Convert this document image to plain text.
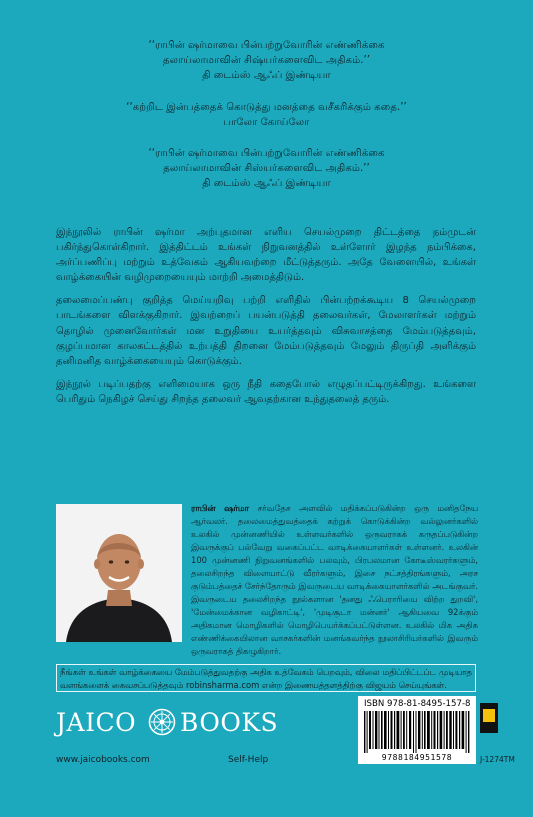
‘‘ராபின் ஷர்மாவை பின்பற்றுவோரின் எண்ணிக்கை
தலாய்லாமாவின் சிஷ்யர்களைவிட அதிகம்.’’
தி டைம்ஸ் ஆஃப் இண்டியா
‘‘கற்றிட இன்பத்தைக் கொடுத்து மனத்தை வசீகரிக்கும் கதை.’’
பாலோ கோய்லோ
‘‘ராபின் ஷர்மாவை பின்பற்றுவோரின் எண்ணிக்கை
தலாய்லாமாவின் சிஸ்யர்களைவிட அதிகம்.’’
தி டைம்ஸ் ஆஃப் இண்டியா

இந்நூலில் ராபின் ஷர்மா அற்புதமான எளிய செயல்முறை திட்டத்தை நம்முடன் பகிர்ந்துகொள்கிறார். இத்திட்டம் உங்கள் நிறுவனத்தில் உள்ளோர் இழந்த நம்பிக்கை, அர்ப்பணிப்பு மற்றும் உத்வேகம் ஆகியவற்றை மீட்டுத்தரும். அதே வேளையில், உங்கள் வாழ்க்கையின் வழிமுறையையும் மாற்றி அமைத்திடும்.

தலைமைப்பண்பு குறித்த மெய்யறிவு பற்றி எளிதில் பின்பற்றக்கூடிய 8 செயல்முறை பாடங்களை விளக்குகிறார். இவற்றைப் பயன்படுத்தி தலைவர்கள், மேலாளர்கள் மற்றும் தொழில் முனைவோர்கள் மன உறுதியை உயர்த்தவும் விசுவாசத்தை மேம்படுத்தவும், குழப்பமான காலகட்டத்தில் உற்பத்தி திறனை மேம்படுத்தவும் மேலும் திருப்தி அளிக்கும் தனிமனித வாழ்க்கையையும் கொடுக்கும்.

இந்நூல் படிப்பதற்கு எளிமையாக ஒரு நீதி கதைபோல் எழுதப்பட்டிருக்கிறது. உங்களை பெரிதும் நெகிழச் செய்து சிறந்த தலைவர் ஆவதற்கான உந்துதலைத் தரும்.

ராபின் ஷர்மா சர்வதேச அளவில் மதிக்கப்படுகின்ற ஒரு மனிதநேய ஆர்வலர். தலைமைத்துவத்தைக் கற்றுக் கொடுக்கின்ற வல்லுனர்களில் உலகில் முன்னணியில் உள்ளவர்களில் ஒருவராகக் கருதப்படுகின்ற இவருக்குப் பல்வேறு வகைப்பட்ட வாடிக்கையாளர்கள் உள்ளனர். உலகின் 100 முன்னணி நிறுவனங்களில் பலவும், பிரபலமான கோடீஸ்வரர்களும், தலைசிறந்த விளையாட்டு வீரர்களும், இசை நட்சத்திரங்களும், அரச குடும்பத்தைச் சேர்ந்தோரும் இவருடைய வாடிக்கையாளர்களில் அடங்குவர். இவருடைய தலைசிறந்த நூல்களான 'தனது ஃபெராரியை விற்ற துறவி', 'மேன்மைக்கான வழிகாட்டி', 'முடிசூடா மன்னர்' ஆகியவை 92க்கும் அதிகமான மொழிகளில் மொழிபெயர்க்கப்பட்டுள்ளன. உலகில் மிக அதிக எண்ணிக்கையிலான வாசகர்களின் மனங்கவர்ந்த நூலாசிரியர்களில் இவரும் ஒருவராகத் திகழுகிறார்.
நீங்கள் உங்கள் வாழ்க்கையை மேம்படுத்துவதற்கு அதிக உத்வேகம் பெறவும், விலை மதிப்பிட்டப்ட முடியாத வளங்களைக் கைவசப்படுத்தவும் robinsharma.com என்ற இணையத்தளத்திற்கு விஜயம் செய்யுங்கள்.
JAICO BOOKS
www.jaicobooks.com	Self-Help
ISBN 978-81-8495-157-8
9788184951578	J-1274TM
